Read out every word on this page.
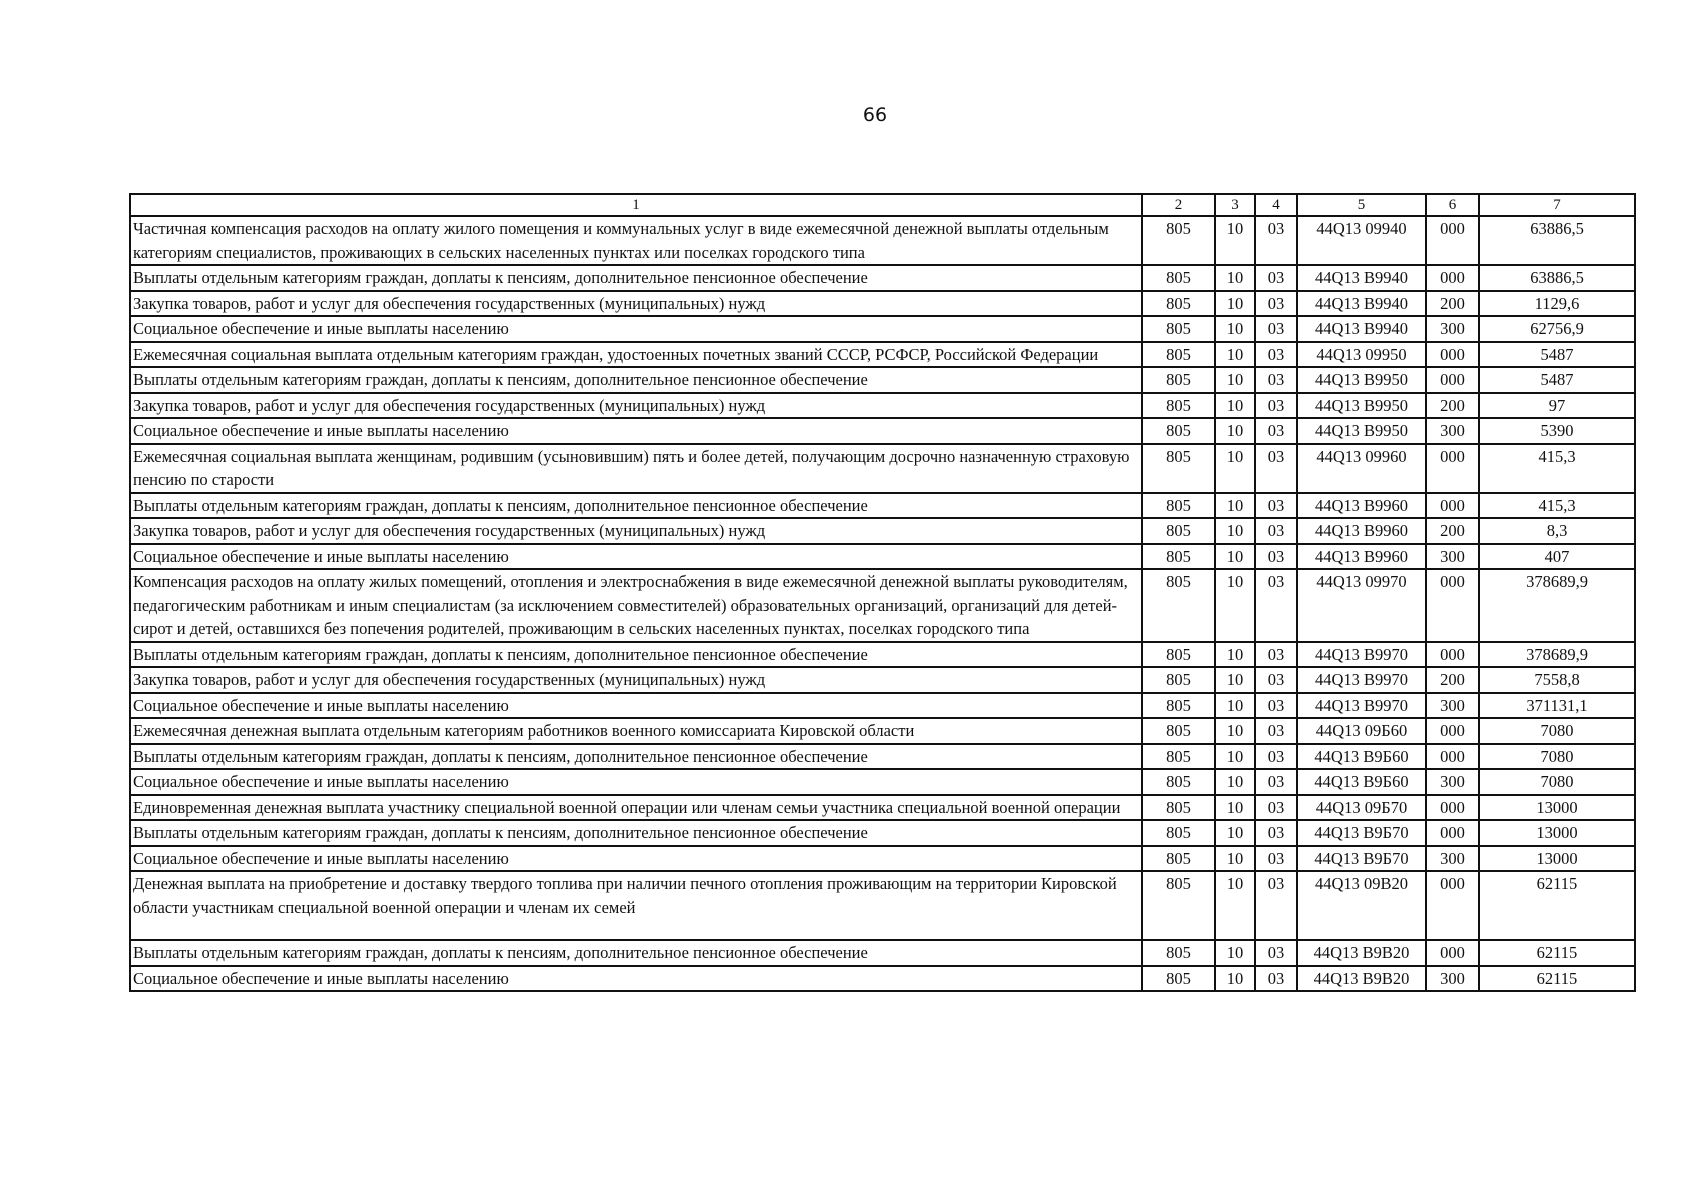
66
1	2	3	4	5	6	7
Частичная компенсация расходов на оплату жилого помещения и коммунальных услуг в виде ежемесячной денежной выплаты отдельным категориям специалистов, проживающих в сельских населенных пунктах или поселках городского типа	805	10	03	44Q13 09940	000	63886,5
Выплаты отдельным категориям граждан, доплаты к пенсиям, дополнительное пенсионное обеспечение	805	10	03	44Q13 В9940	000	63886,5
Закупка товаров, работ и услуг для обеспечения государственных (муниципальных) нужд	805	10	03	44Q13 В9940	200	1129,6
Социальное обеспечение и иные выплаты населению	805	10	03	44Q13 В9940	300	62756,9
Ежемесячная социальная выплата отдельным категориям граждан, удостоенных почетных званий СССР, РСФСР, Российской Федерации	805	10	03	44Q13 09950	000	5487
Выплаты отдельным категориям граждан, доплаты к пенсиям, дополнительное пенсионное обеспечение	805	10	03	44Q13 В9950	000	5487
Закупка товаров, работ и услуг для обеспечения государственных (муниципальных) нужд	805	10	03	44Q13 В9950	200	97
Социальное обеспечение и иные выплаты населению	805	10	03	44Q13 В9950	300	5390
Ежемесячная социальная выплата женщинам, родившим (усыновившим) пять и более детей, получающим досрочно назначенную страховую пенсию по старости	805	10	03	44Q13 09960	000	415,3
Выплаты отдельным категориям граждан, доплаты к пенсиям, дополнительное пенсионное обеспечение	805	10	03	44Q13 В9960	000	415,3
Закупка товаров, работ и услуг для обеспечения государственных (муниципальных) нужд	805	10	03	44Q13 В9960	200	8,3
Социальное обеспечение и иные выплаты населению	805	10	03	44Q13 В9960	300	407
Компенсация расходов на оплату жилых помещений, отопления и электроснабжения в виде ежемесячной денежной выплаты руководителям, педагогическим работникам и иным специалистам (за исключением совместителей) образовательных организаций, организаций для детей-сирот и детей, оставшихся без попечения родителей, проживающим в сельских населенных пунктах, поселках городского типа	805	10	03	44Q13 09970	000	378689,9
Выплаты отдельным категориям граждан, доплаты к пенсиям, дополнительное пенсионное обеспечение	805	10	03	44Q13 В9970	000	378689,9
Закупка товаров, работ и услуг для обеспечения государственных (муниципальных) нужд	805	10	03	44Q13 В9970	200	7558,8
Социальное обеспечение и иные выплаты населению	805	10	03	44Q13 В9970	300	371131,1
Ежемесячная денежная выплата отдельным категориям работников военного комиссариата Кировской области	805	10	03	44Q13 09Б60	000	7080
Выплаты отдельным категориям граждан, доплаты к пенсиям, дополнительное пенсионное обеспечение	805	10	03	44Q13 В9Б60	000	7080
Социальное обеспечение и иные выплаты населению	805	10	03	44Q13 В9Б60	300	7080
Единовременная денежная выплата участнику специальной военной операции или членам семьи участника специальной военной операции	805	10	03	44Q13 09Б70	000	13000
Выплаты отдельным категориям граждан, доплаты к пенсиям, дополнительное пенсионное обеспечение	805	10	03	44Q13 В9Б70	000	13000
Социальное обеспечение и иные выплаты населению	805	10	03	44Q13 В9Б70	300	13000
Денежная выплата на приобретение и доставку твердого топлива при наличии печного отопления проживающим на территории Кировской области участникам специальной военной операции и членам их семей	805	10	03	44Q13 09В20	000	62115
Выплаты отдельным категориям граждан, доплаты к пенсиям, дополнительное пенсионное обеспечение	805	10	03	44Q13 В9В20	000	62115
Социальное обеспечение и иные выплаты населению	805	10	03	44Q13 В9В20	300	62115
